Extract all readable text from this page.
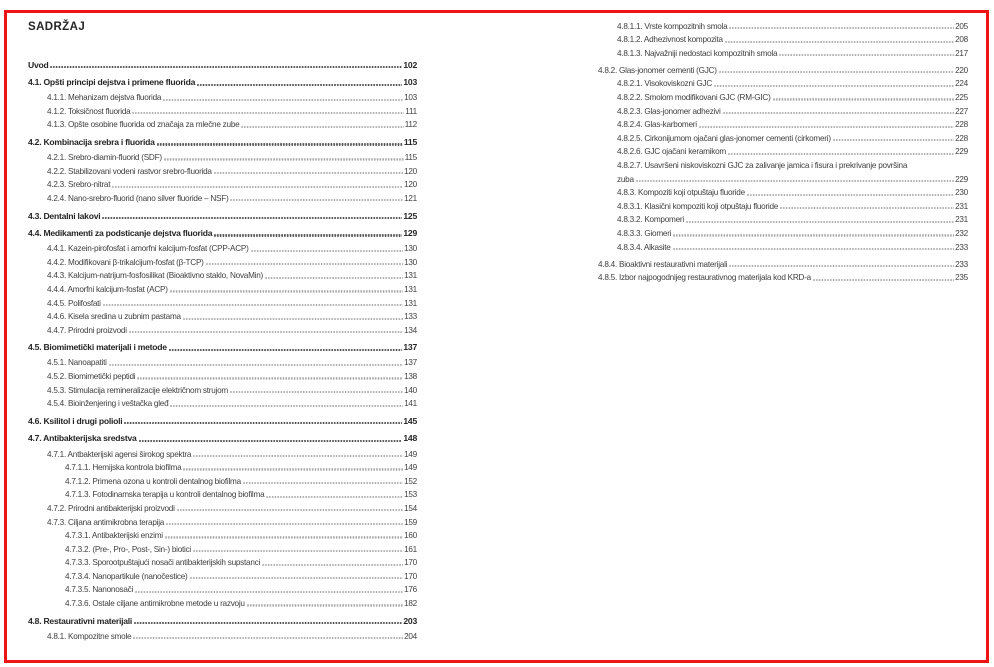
SADRŽAJ
Uvod	102
4.1. Opšti principi dejstva i primene fluorida	103
4.1.1. Mehanizam dejstva fluorida	103
4.1.2. Toksičnost fluorida	111
4.1.3. Opšte osobine fluorida od značaja za mlečne zube	112
4.2. Kombinacija srebra i fluorida	115
4.2.1. Srebro-diamin-fluorid (SDF)	115
4.2.2. Stabilizovani vodeni rastvor srebro-fluorida	120
4.2.3. Srebro-nitrat	120
4.2.4. Nano-srebro-fluorid (nano silver fluoride – NSF)	121
4.3. Dentalni lakovi	125
4.4. Medikamenti za podsticanje dejstva fluorida	129
4.4.1. Kazein-pirofosfat i amorfni kalcijum-fosfat (CPP-ACP)	130
4.4.2. Modifikovani β-trikalcijum-fosfat (β-TCP)	130
4.4.3. Kalcijum-natrijum-fosfosilikat (Bioaktivno staklo, NovaMin)	131
4.4.4. Amorfni kalcijum-fosfat (ACP)	131
4.4.5. Polifosfati	131
4.4.6. Kisela sredina u zubnim pastama	133
4.4.7. Prirodni proizvodi	134
4.5. Biomimetički materijali i metode	137
4.5.1. Nanoapatiti	137
4.5.2. Biomimetički peptidi	138
4.5.3. Stimulacija remineralizacije električnom strujom	140
4.5.4. Bioinženjering i veštačka gleđ	141
4.6. Ksilitol i drugi polioli	145
4.7. Antibakterijska sredstva	148
4.7.1. Antbakterijski agensi širokog spektra	149
4.7.1.1. Hemijska kontrola biofilma	149
4.7.1.2. Primena ozona u kontroli dentalnog biofilma	152
4.7.1.3. Fotodinamska terapija u kontroli dentalnog biofilma	153
4.7.2. Prirodni antibakterijski proizvodi	154
4.7.3. Ciljana antimikrobna terapija	159
4.7.3.1. Antibakterijski enzimi	160
4.7.3.2. (Pre-, Pro-, Post-, Sin-) biotici	161
4.7.3.3. Sporootpuštajući nosači antibakterijskih supstanci	170
4.7.3.4. Nanopartikule (nanočestice)	170
4.7.3.5. Nanonosači	176
4.7.3.6. Ostale ciljane antimikrobne metode u razvoju	182
4.8. Restaurativni materijali	203
4.8.1. Kompozitne smole	204
4.8.1.1. Vrste kompozitnih smola	205
4.8.1.2. Adhezivnost kompozita	208
4.8.1.3. Najvažniji nedostaci kompozitnih smola	217
4.8.2. Glas-jonomer cementi (GJC)	220
4.8.2.1. Visokoviskozni GJC	224
4.8.2.2. Smolom modifikovani GJC (RM-GIC)	225
4.8.2.3. Glas-jonomer adhezivi	227
4.8.2.4. Glas-karbomeri	228
4.8.2.5. Cirkonijumom ojačani glas-jonomer cementi (cirkomeri)	228
4.8.2.6. GJC ojačani keramikom	229
4.8.2.7. Usavršeni niskoviskozni GJC za zalivanje jamica i fisura i prekrivanje površina
zuba	229
4.8.3. Kompoziti koji otpuštaju fluoride	230
4.8.3.1. Klasični kompoziti koji otpuštaju fluoride	231
4.8.3.2. Kompomeri	231
4.8.3.3. Giomeri	232
4.8.3.4. Alkasite	233
4.8.4. Bioaktivni restaurativni materijali	233
4.8.5. Izbor najpogodnijeg restaurativnog materijala kod KRD-a	235
